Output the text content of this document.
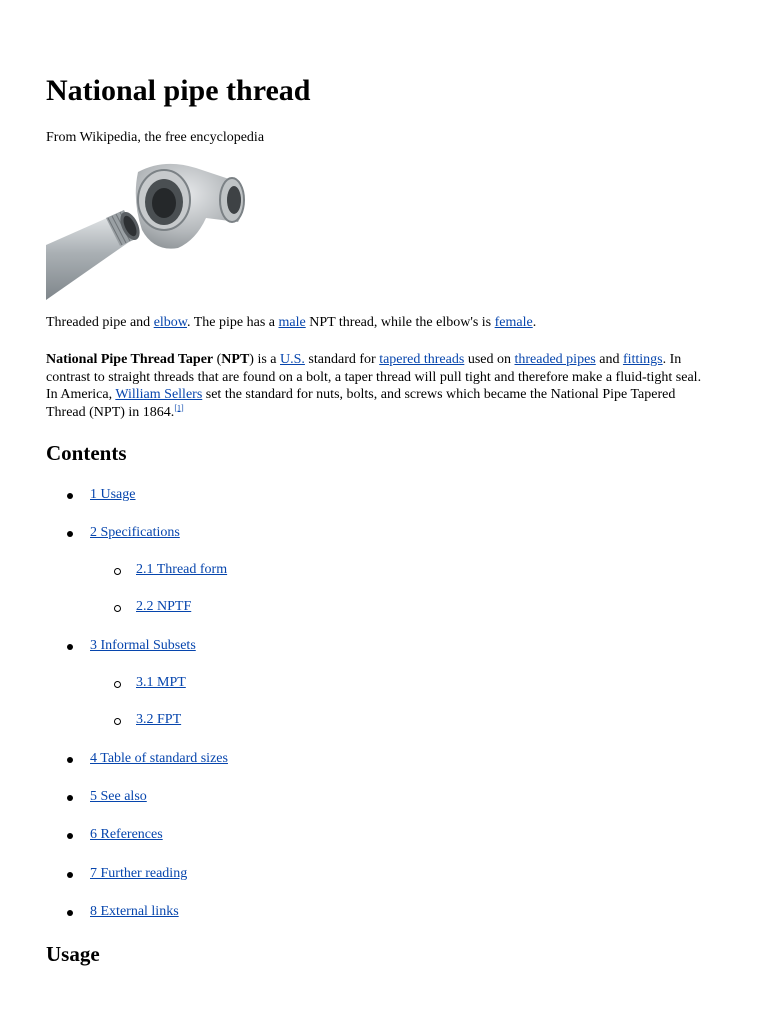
National pipe thread
From Wikipedia, the free encyclopedia
Threaded pipe and elbow. The pipe has a male NPT thread, while the elbow's is female.

National Pipe Thread Taper (NPT) is a U.S. standard for tapered threads used on threaded pipes and fittings. In contrast to straight threads that are found on a bolt, a taper thread will pull tight and therefore make a fluid-tight seal. In America, William Sellers set the standard for nuts, bolts, and screws which became the National Pipe Tapered Thread (NPT) in 1864.[1]

Contents
1 Usage
2 Specifications
2.1 Thread form
2.2 NPTF
3 Informal Subsets
3.1 MPT
3.2 FPT
4 Table of standard sizes
5 See also
6 References
7 Further reading
8 External links
Usage
